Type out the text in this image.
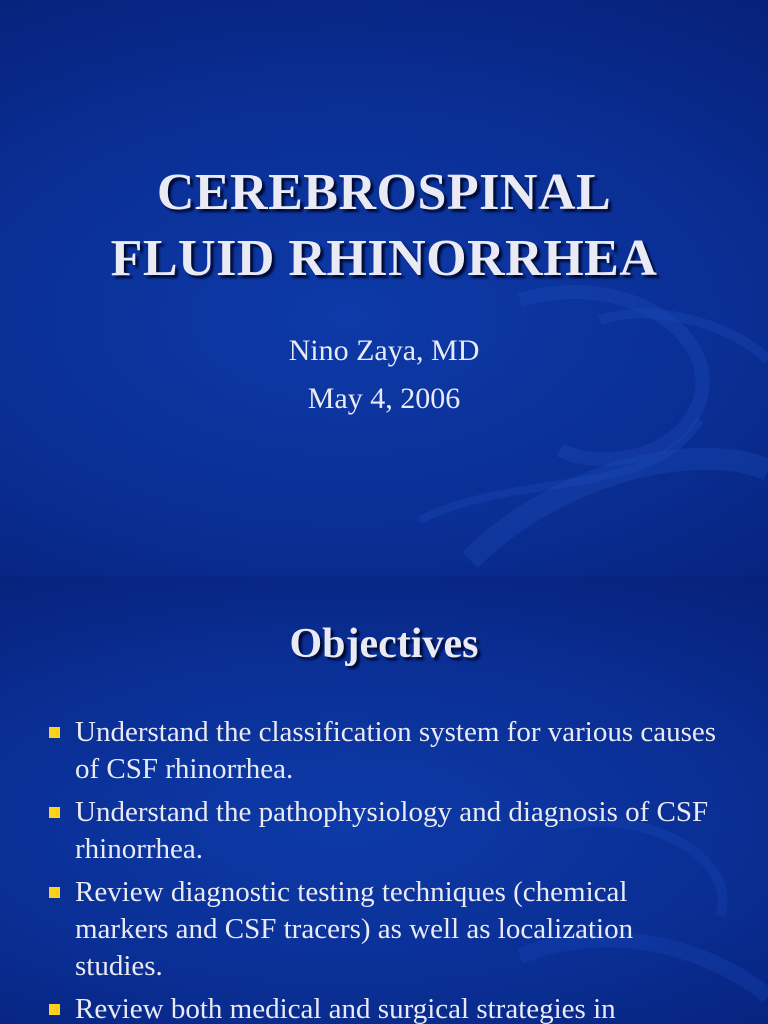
CEREBROSPINAL
FLUID RHINORRHEA
Nino Zaya, MD
May 4, 2006
Objectives
Understand the classification system for various causes of CSF rhinorrhea.
Understand the pathophysiology and diagnosis of CSF rhinorrhea.
Review diagnostic testing techniques (chemical markers and CSF tracers) as well as localization studies.
Review both medical and surgical strategies in
